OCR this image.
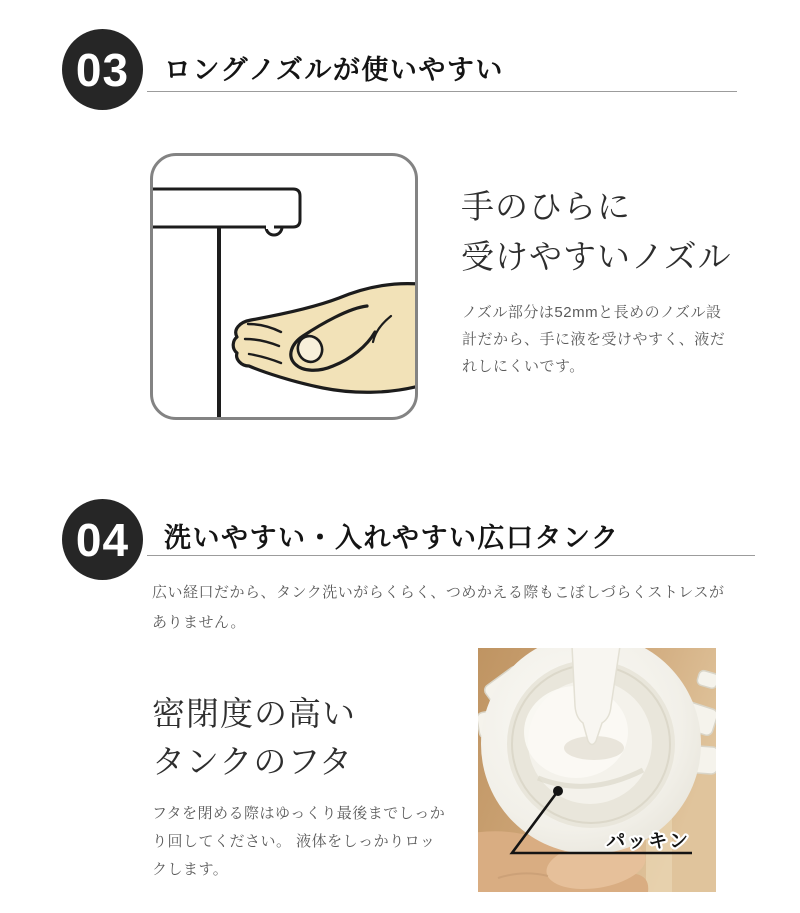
03 ロングノズルが使いやすい
手のひらに
受けやすいノズル

ノズル部分は52mmと長めのノズル設
計だから、手に液を受けやすく、液だ
れしにくいです。

04 洗いやすい・入れやすい広口タンク

広い経口だから、タンク洗いがらくらく、つめかえる際もこぼしづらくストレスが
ありません。

密閉度の高い
タンクのフタ

フタを閉める際はゆっくり最後までしっか
り回してください。 液体をしっかりロッ
クします。

パッキン
